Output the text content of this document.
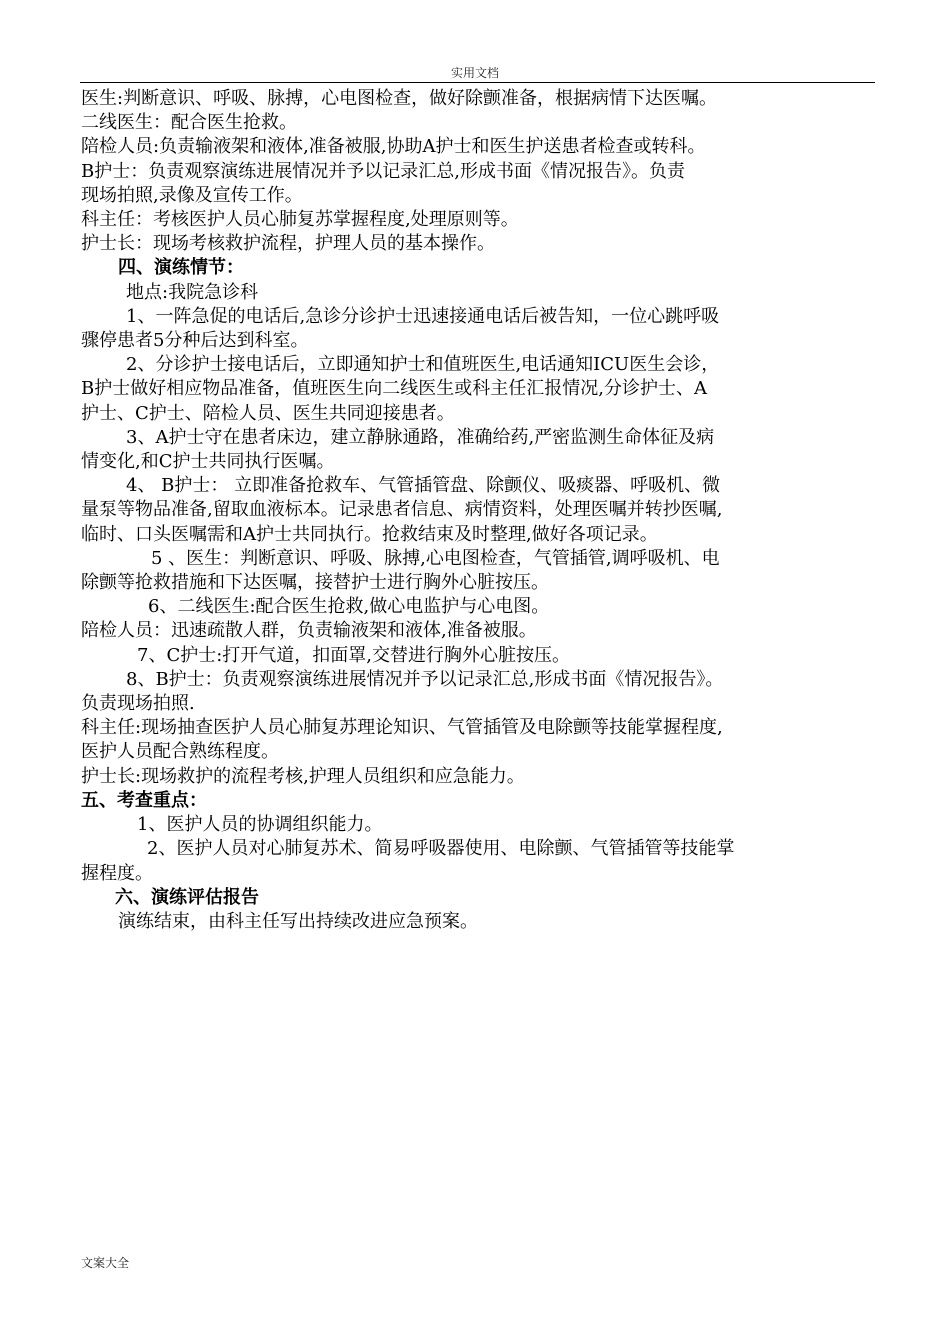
实用文档

医生:判断意识、呼吸、脉搏，心电图检查，做好除颤准备，根据病情下达医嘱。

二线医生：配合医生抢救。

陪检人员:负责输液架和液体,准备被服,协助A护士和医生护送患者检查或转科。

B护士：负责观察演练进展情况并予以记录汇总,形成书面《情况报告》。负责

现场拍照,录像及宣传工作。

科主任：考核医护人员心肺复苏掌握程度,处理原则等。

护士长：现场考核救护流程，护理人员的基本操作。

四、演练情节：

地点:我院急诊科

1、一阵急促的电话后,急诊分诊护士迅速接通电话后被告知，一位心跳呼吸

骤停患者5分种后达到科室。

2、分诊护士接电话后，立即通知护士和值班医生,电话通知ICU医生会诊，

B护士做好相应物品准备，值班医生向二线医生或科主任汇报情况,分诊护士、A

护士、C护士、陪检人员、医生共同迎接患者。

3、A护士守在患者床边，建立静脉通路，准确给药,严密监测生命体征及病

情变化,和C护士共同执行医嘱。

4、 B护士： 立即准备抢救车、气管插管盘、除颤仪、吸痰器、呼吸机、微

量泵等物品准备,留取血液标本。记录患者信息、病情资料，处理医嘱并转抄医嘱,

临时、口头医嘱需和A护士共同执行。抢救结束及时整理,做好各项记录。

5 、医生：判断意识、呼吸、脉搏,心电图检查，气管插管,调呼吸机、电

除颤等抢救措施和下达医嘱，接替护士进行胸外心脏按压。

6、二线医生:配合医生抢救,做心电监护与心电图。

陪检人员：迅速疏散人群，负责输液架和液体,准备被服。

7、C护士:打开气道，扣面罩,交替进行胸外心脏按压。

8、B护士：负责观察演练进展情况并予以记录汇总,形成书面《情况报告》。

负责现场拍照.

科主任:现场抽查医护人员心肺复苏理论知识、气管插管及电除颤等技能掌握程度,

医护人员配合熟练程度。

护士长:现场救护的流程考核,护理人员组织和应急能力。

五、考查重点：

1、医护人员的协调组织能力。

2、医护人员对心肺复苏术、简易呼吸器使用、电除颤、气管插管等技能掌

握程度。

六、演练评估报告

演练结束，由科主任写出持续改进应急预案。

文案大全
